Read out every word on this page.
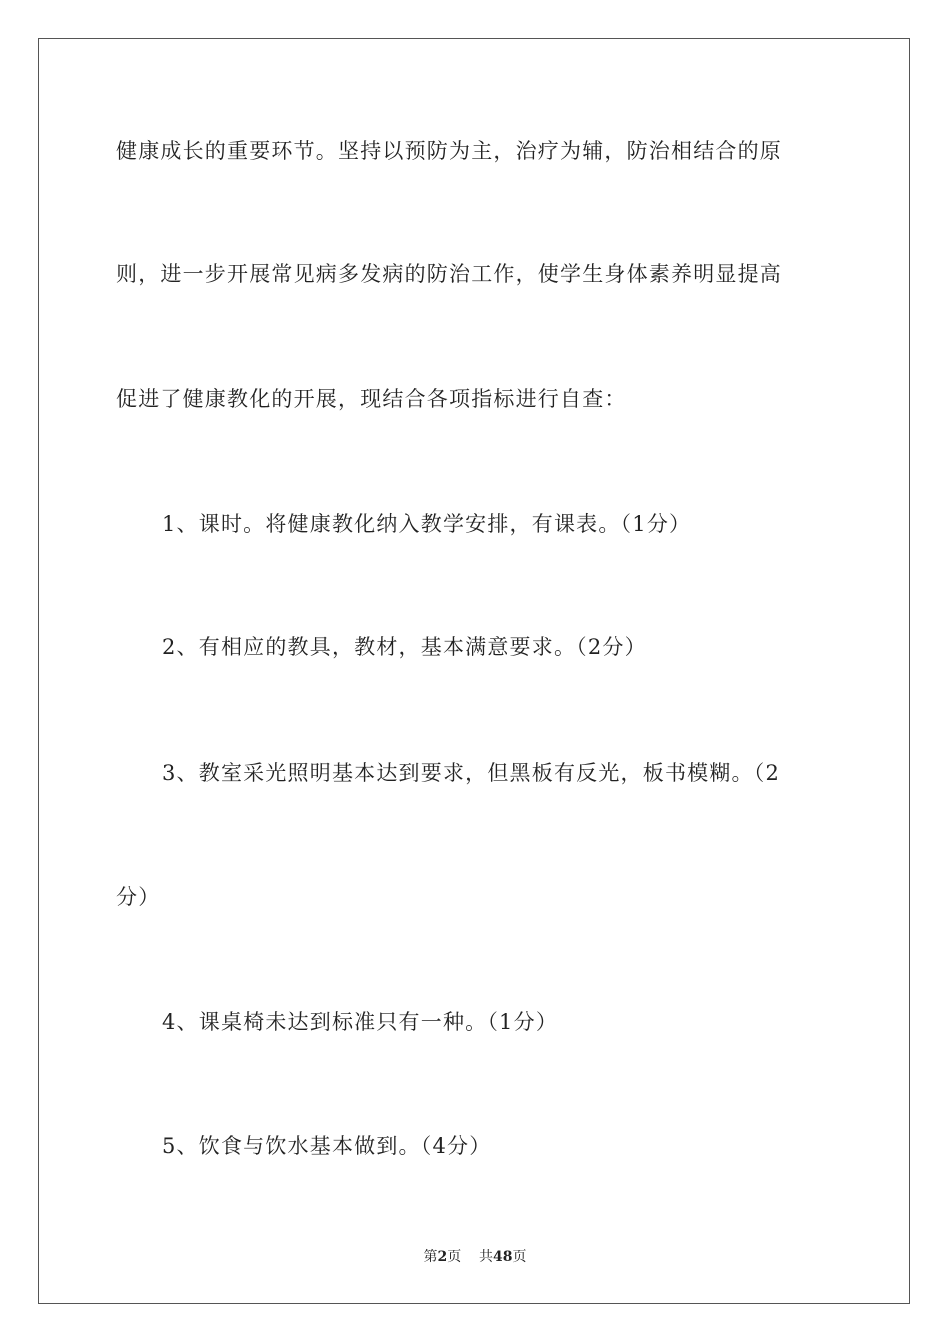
健康成长的重要环节。坚持以预防为主，治疗为辅，防治相结合的原
则，进一步开展常见病多发病的防治工作，使学生身体素养明显提高
促进了健康教化的开展，现结合各项指标进行自查：
1、课时。将健康教化纳入教学安排，有课表。（1分）
2、有相应的教具，教材，基本满意要求。（2分）
3、教室采光照明基本达到要求，但黑板有反光，板书模糊。（2
分）
4、课桌椅未达到标准只有一种。（1分）
5、饮食与饮水基本做到。（4分）
第2页 共48页
